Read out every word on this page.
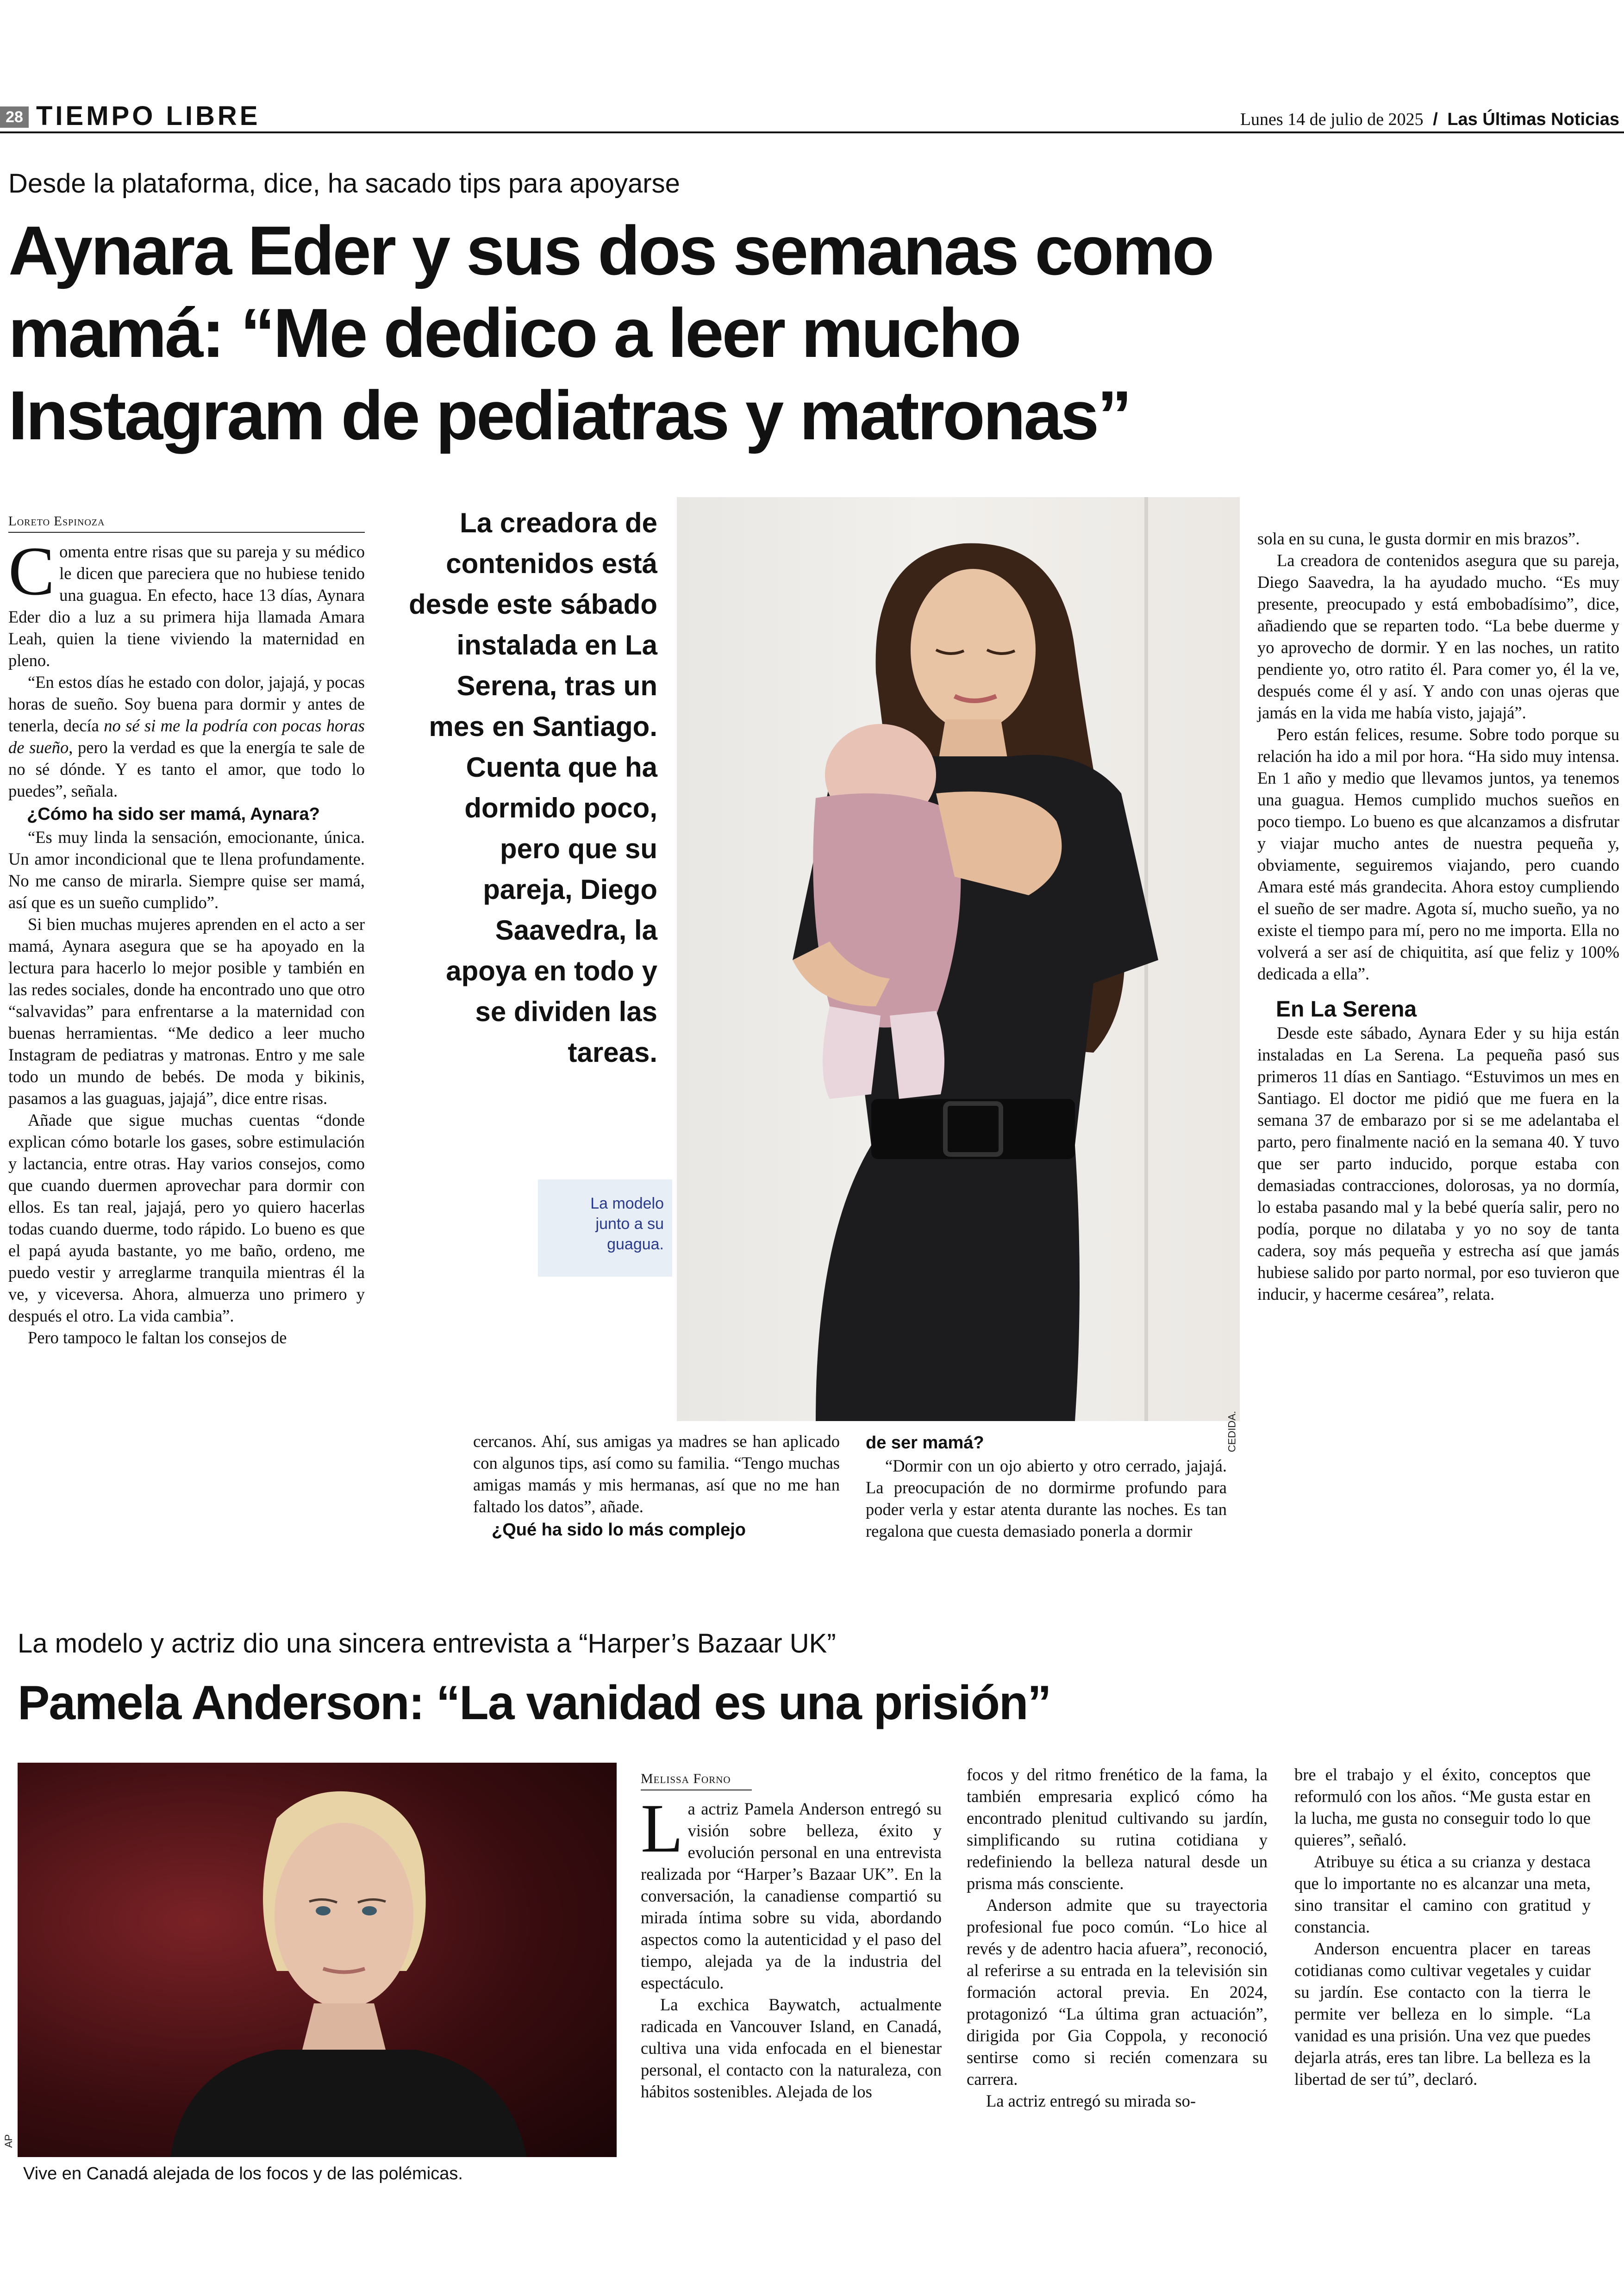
28 TIEMPO LIBRE	Lunes 14 de julio de 2025 / Las Últimas Noticias
Desde la plataforma, dice, ha sacado tips para apoyarse
Aynara Eder y sus dos semanas como
mamá: “Me dedico a leer mucho
Instagram de pediatras y matronas”
Loreto Espinoza

Comenta entre risas que su pareja y su médico le dicen que pareciera que no hubiese tenido una guagua. En efecto, hace 13 días, Aynara Eder dio a luz a su primera hija llamada Amara Leah, quien la tiene viviendo la maternidad en pleno.

“En estos días he estado con dolor, jajajá, y pocas horas de sueño. Soy buena para dormir y antes de tenerla, decía no sé si me la podría con pocas horas de sueño, pero la verdad es que la energía te sale de no sé dónde. Y es tanto el amor, que todo lo puedes”, señala.

¿Cómo ha sido ser mamá, Aynara?

“Es muy linda la sensación, emocionante, única. Un amor incondicional que te llena profundamente. No me canso de mirarla. Siempre quise ser mamá, así que es un sueño cumplido”.

Si bien muchas mujeres aprenden en el acto a ser mamá, Aynara asegura que se ha apoyado en la lectura para hacerlo lo mejor posible y también en las redes sociales, donde ha encontrado uno que otro “salvavidas” para enfrentarse a la maternidad con buenas herramientas. “Me dedico a leer mucho Instagram de pediatras y matronas. Entro y me sale todo un mundo de bebés. De moda y bikinis, pasamos a las guaguas, jajajá”, dice entre risas.

Añade que sigue muchas cuentas “donde explican cómo botarle los gases, sobre estimulación y lactancia, entre otras. Hay varios consejos, como que cuando duermen aprovechar para dormir con ellos. Es tan real, jajajá, pero yo quiero hacerlas todas cuando duerme, todo rápido. Lo bueno es que el papá ayuda bastante, yo me baño, ordeno, me puedo vestir y arreglarme tranquila mientras él la ve, y viceversa. Ahora, almuerza uno primero y después el otro. La vida cambia”.

Pero tampoco le faltan los consejos de

La creadora de contenidos está desde este sábado instalada en La Serena, tras un mes en Santiago. Cuenta que ha dormido poco, pero que su pareja, Diego Saavedra, la apoya en todo y se dividen las tareas.
La modelo junto a su guagua.
CEDIDA.

cercanos. Ahí, sus amigas ya madres se han aplicado con algunos tips, así como su familia. “Tengo muchas amigas mamás y mis hermanas, así que no me han faltado los datos”, añade.

¿Qué ha sido lo más complejo

de ser mamá?

“Dormir con un ojo abierto y otro cerrado, jajajá. La preocupación de no dormirme profundo para poder verla y estar atenta durante las noches. Es tan regalona que cuesta demasiado ponerla a dormir

sola en su cuna, le gusta dormir en mis brazos”.

La creadora de contenidos asegura que su pareja, Diego Saavedra, la ha ayudado mucho. “Es muy presente, preocupado y está embobadísimo”, dice, añadiendo que se reparten todo. “La bebe duerme y yo aprovecho de dormir. Y en las noches, un ratito pendiente yo, otro ratito él. Para comer yo, él la ve, después come él y así. Y ando con unas ojeras que jamás en la vida me había visto, jajajá”.

Pero están felices, resume. Sobre todo porque su relación ha ido a mil por hora. “Ha sido muy intensa. En 1 año y medio que llevamos juntos, ya tenemos una guagua. Hemos cumplido muchos sueños en poco tiempo. Lo bueno es que alcanzamos a disfrutar y viajar mucho antes de nuestra pequeña y, obviamente, seguiremos viajando, pero cuando Amara esté más grandecita. Ahora estoy cumpliendo el sueño de ser madre. Agota sí, mucho sueño, ya no existe el tiempo para mí, pero no me importa. Ella no volverá a ser así de chiquitita, así que feliz y 100% dedicada a ella”.

En La Serena

Desde este sábado, Aynara Eder y su hija están instaladas en La Serena. La pequeña pasó sus primeros 11 días en Santiago. “Estuvimos un mes en Santiago. El doctor me pidió que me fuera en la semana 37 de embarazo por si se me adelantaba el parto, pero finalmente nació en la semana 40. Y tuvo que ser parto inducido, porque estaba con demasiadas contracciones, dolorosas, ya no dormía, lo estaba pasando mal y la bebé quería salir, pero no podía, porque no dilataba y yo no soy de tanta cadera, soy más pequeña y estrecha así que jamás hubiese salido por parto normal, por eso tuvieron que inducir, y hacerme cesárea”, relata.

La modelo y actriz dio una sincera entrevista a “Harper’s Bazaar UK”
Pamela Anderson: “La vanidad es una prisión”
AP
Vive en Canadá alejada de los focos y de las polémicas.
Melissa Forno

La actriz Pamela Anderson entregó su visión sobre belleza, éxito y evolución personal en una entrevista realizada por “Harper’s Bazaar UK”. En la conversación, la canadiense compartió su mirada íntima sobre su vida, abordando aspectos como la autenticidad y el paso del tiempo, alejada ya de la industria del espectáculo.

La exchica Baywatch, actualmente radicada en Vancouver Island, en Canadá, cultiva una vida enfocada en el bienestar personal, el contacto con la naturaleza, con hábitos sostenibles. Alejada de los

focos y del ritmo frenético de la fama, la también empresaria explicó cómo ha encontrado plenitud cultivando su jardín, simplificando su rutina cotidiana y redefiniendo la belleza natural desde un prisma más consciente.

Anderson admite que su trayectoria profesional fue poco común. “Lo hice al revés y de adentro hacia afuera”, reconoció, al referirse a su entrada en la televisión sin formación actoral previa. En 2024, protagonizó “La última gran actuación”, dirigida por Gia Coppola, y reconoció sentirse como si recién comenzara su carrera.

La actriz entregó su mirada so-

bre el trabajo y el éxito, conceptos que reformuló con los años. “Me gusta estar en la lucha, me gusta no conseguir todo lo que quieres”, señaló.

Atribuye su ética a su crianza y destaca que lo importante no es alcanzar una meta, sino transitar el camino con gratitud y constancia.

Anderson encuentra placer en tareas cotidianas como cultivar vegetales y cuidar su jardín. Ese contacto con la tierra le permite ver belleza en lo simple. “La vanidad es una prisión. Una vez que puedes dejarla atrás, eres tan libre. La belleza es la libertad de ser tú”, declaró.
